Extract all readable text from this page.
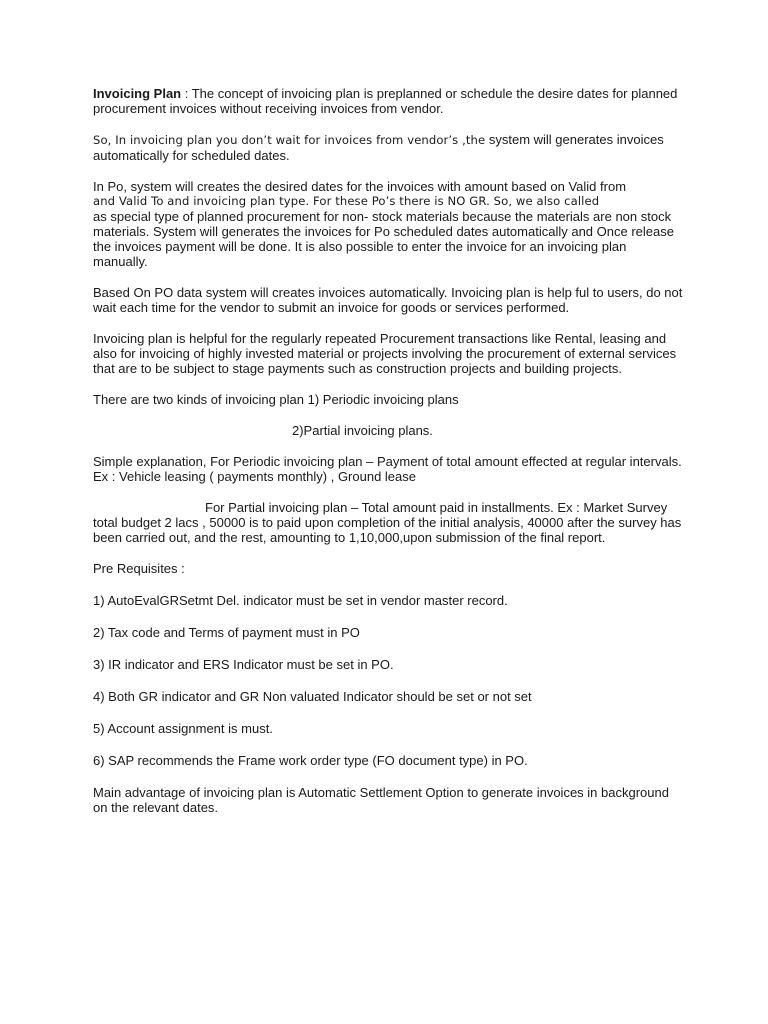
Invoicing Plan : The concept of invoicing plan is preplanned or schedule the desire dates for planned procurement invoices without receiving invoices from vendor.

So, In invoicing plan you don’t wait for invoices from vendor’s ,the system will generates invoices automatically for scheduled dates.

In Po, system will creates the desired dates for the invoices with amount based on Valid from
and Valid To and invoicing plan type. For these Po’s there is NO GR. So, we also called
as special type of planned procurement for non- stock materials because the materials are non stock materials. System will generates the invoices for Po scheduled dates automatically and Once release the invoices payment will be done. It is also possible to enter the invoice for an invoicing plan manually.

Based On PO data system will creates invoices automatically. Invoicing plan is help ful to users, do not wait each time for the vendor to submit an invoice for goods or services performed.

Invoicing plan is helpful for the regularly repeated Procurement transactions like Rental, leasing and also for invoicing of highly invested material or projects involving the procurement of external services that are to be subject to stage payments such as construction projects and building projects.

There are two kinds of invoicing plan 1) Periodic invoicing plans

2)Partial invoicing plans.

Simple explanation, For Periodic invoicing plan – Payment of total amount effected at regular intervals. Ex : Vehicle leasing ( payments monthly) , Ground lease

For Partial invoicing plan – Total amount paid in installments. Ex : Market Survey total budget 2 lacs , 50000 is to paid upon completion of the initial analysis, 40000 after the survey has been carried out, and the rest, amounting to 1,10,000,upon submission of the final report.

Pre Requisites :

1) AutoEvalGRSetmt Del. indicator must be set in vendor master record.

2) Tax code and Terms of payment must in PO

3) IR indicator and ERS Indicator must be set in PO.

4) Both GR indicator and GR Non valuated Indicator should be set or not set

5) Account assignment is must.

6) SAP recommends the Frame work order type (FO document type) in PO.

Main advantage of invoicing plan is Automatic Settlement Option to generate invoices in background on the relevant dates.
